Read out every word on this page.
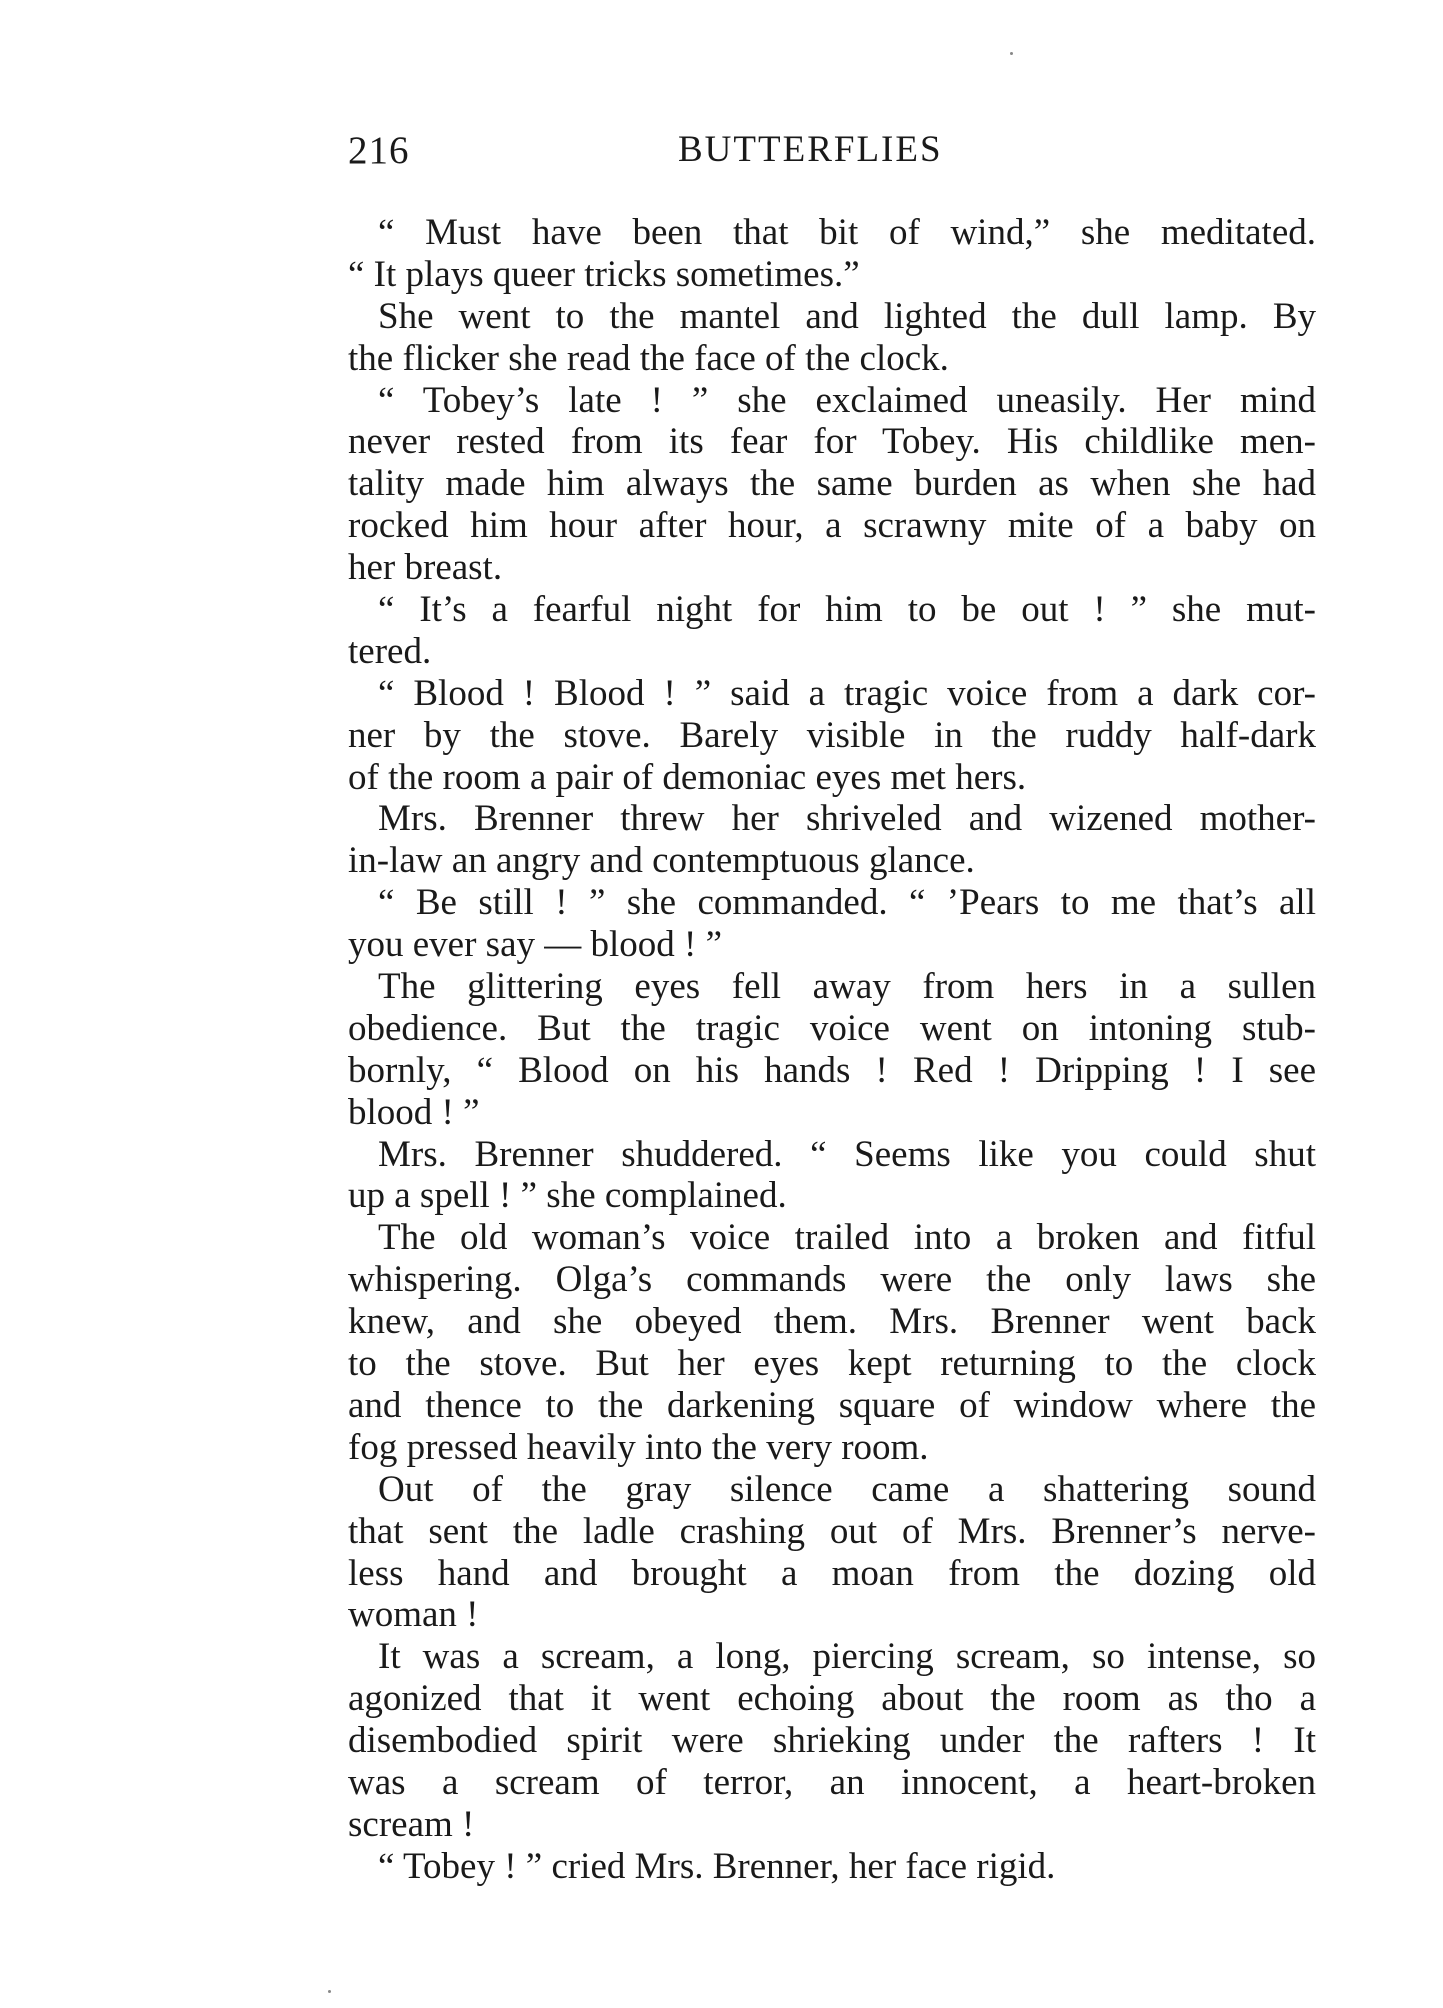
216	BUTTERFLIES
“ Must have been that bit of wind,” she meditated.
“ It plays queer tricks sometimes.”
She went to the mantel and lighted the dull lamp. By
the flicker she read the face of the clock.
“ Tobey’s late ! ” she exclaimed uneasily. Her mind
never rested from its fear for Tobey. His childlike men-
tality made him always the same burden as when she had
rocked him hour after hour, a scrawny mite of a baby on
her breast.
“ It’s a fearful night for him to be out ! ” she mut-
tered.
“ Blood ! Blood ! ” said a tragic voice from a dark cor-
ner by the stove. Barely visible in the ruddy half-dark
of the room a pair of demoniac eyes met hers.
Mrs. Brenner threw her shriveled and wizened mother-
in-law an angry and contemptuous glance.
“ Be still ! ” she commanded. “ ’Pears to me that’s all
you ever say — blood ! ”
The glittering eyes fell away from hers in a sullen
obedience. But the tragic voice went on intoning stub-
bornly, “ Blood on his hands ! Red ! Dripping ! I see
blood ! ”
Mrs. Brenner shuddered. “ Seems like you could shut
up a spell ! ” she complained.
The old woman’s voice trailed into a broken and fitful
whispering. Olga’s commands were the only laws she
knew, and she obeyed them. Mrs. Brenner went back
to the stove. But her eyes kept returning to the clock
and thence to the darkening square of window where the
fog pressed heavily into the very room.
Out of the gray silence came a shattering sound
that sent the ladle crashing out of Mrs. Brenner’s nerve-
less hand and brought a moan from the dozing old
woman !
It was a scream, a long, piercing scream, so intense, so
agonized that it went echoing about the room as tho a
disembodied spirit were shrieking under the rafters ! It
was a scream of terror, an innocent, a heart-broken
scream !
“ Tobey ! ” cried Mrs. Brenner, her face rigid.
